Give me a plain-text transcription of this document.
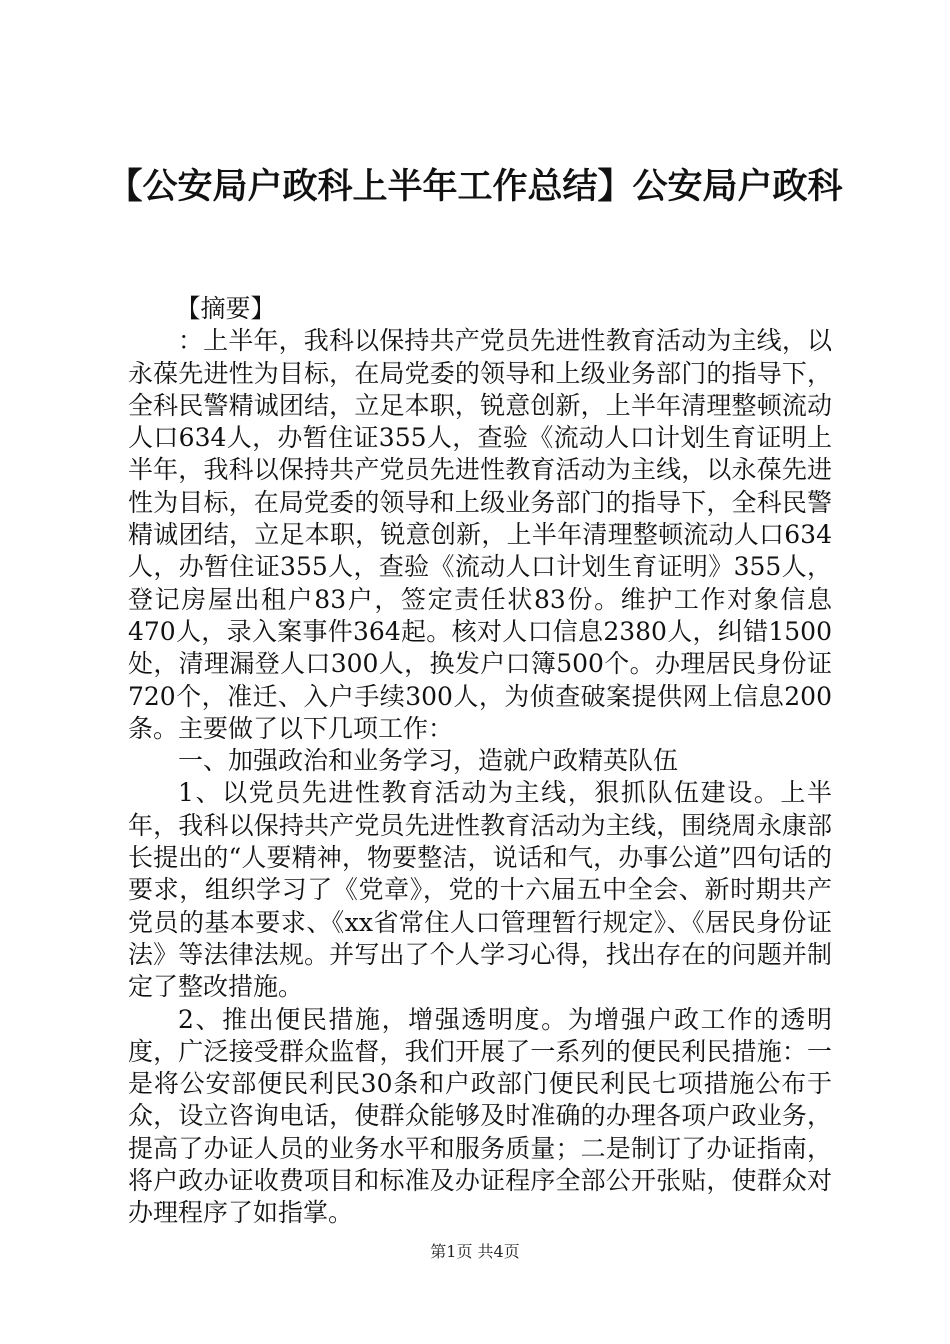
【公安局户政科上半年工作总结】公安局户政科

【摘要】

：上半年，我科以保持共产党员先进性教育活动为主线，以永葆先进性为目标，在局党委的领导和上级业务部门的指导下，全科民警精诚团结，立足本职，锐意创新，上半年清理整顿流动人口634人，办暂住证355人，查验《流动人口计划生育证明上半年，我科以保持共产党员先进性教育活动为主线，以永葆先进性为目标，在局党委的领导和上级业务部门的指导下，全科民警精诚团结，立足本职，锐意创新，上半年清理整顿流动人口634人，办暂住证355人，查验《流动人口计划生育证明》355人，登记房屋出租户83户，签定责任状83份。维护工作对象信息470人，录入案事件364起。核对人口信息2380人，纠错1500处，清理漏登人口300人，换发户口簿500个。办理居民身份证720个，准迁、入户手续300人，为侦查破案提供网上信息200条。主要做了以下几项工作：

一、加强政治和业务学习，造就户政精英队伍

1、以党员先进性教育活动为主线，狠抓队伍建设。上半年，我科以保持共产党员先进性教育活动为主线，围绕周永康部长提出的“人要精神，物要整洁，说话和气，办事公道”四句话的要求，组织学习了《党章》，党的十六届五中全会、新时期共产党员的基本要求、《xx省常住人口管理暂行规定》、《居民身份证法》等法律法规。并写出了个人学习心得，找出存在的问题并制定了整改措施。

2、推出便民措施，增强透明度。为增强户政工作的透明度，广泛接受群众监督，我们开展了一系列的便民利民措施：一是将公安部便民利民30条和户政部门便民利民七项措施公布于众，设立咨询电话，使群众能够及时准确的办理各项户政业务，提高了办证人员的业务水平和服务质量；二是制订了办证指南，将户政办证收费项目和标准及办证程序全部公开张贴，使群众对办理程序了如指掌。

第1页 共4页
